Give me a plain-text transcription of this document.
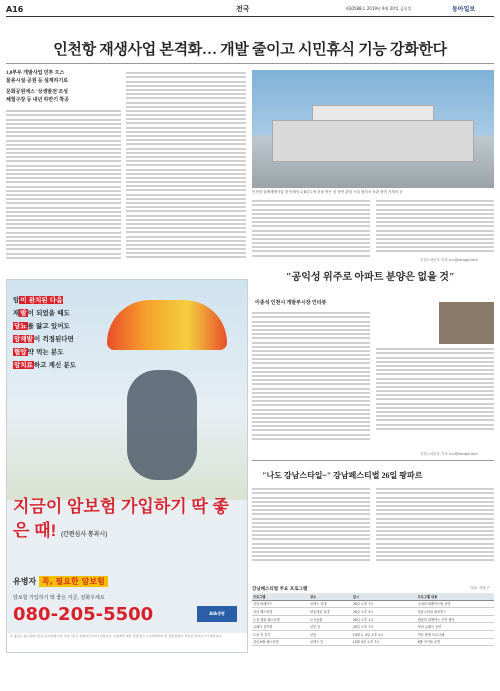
A16	전국	제30588호 2019년 9월 20일 금요일	동아일보
인천항 재생사업 본격화… 개발 줄이고 시민휴식 기능 강화한다
1,8부두 개발사업 민투 으스
물류시설·공원 등 설계하기로
문화공원에스 '상생발전'조성
체험구장 등 내년 하반기 착공
인천항 함께재생사업 첫 단계인 1·8부두에 문을 닫은 한 항만 관리 시설 쉼터서 보관 중인 지게차 등
인천=차준호 기자 run@donga.com
"공익성 위주로 아파트 분양은 없을 것"
이종석 인천시 개발부시장 인터뷰
인천=차준호 기자 run@donga.com
"나도 강남스타일~" 강남페스티벌 26일 팡파르
강남페스티벌 주요 프로그램	자료: 강남구
프로그램	장소	일시	프로그램 내용
강남 퍼레이드	코엑스 일대	26일 오후 7시	국내외 퍼레이드팀 공연
강남 페스티벌	영동대로 일대	26일 오후 3시	강남스타일 퍼포먼스
도심 캠핑 페스티벌	도곡공원	28일 오후 1시	캠핑과 함께하는 가족 행사
클래식 음악회	선릉 앞	29일 오후 7시	야외 클래식 공연
도심 속 걷기	선릉	10월 1, 4일 오후 1시	역사 탐방 프로그램
강남 K팝 페스티벌	코엑스 앞	10월 4일 오후 7시	K팝 아이돌 공연
암이 완치된 다음
재발이 되었을 때도
당뇨를 앓고 있어도
암재발이 걱정된다면
혈압약 먹는 분도
암치료하고 계신 분도
지금이 암보험 가입하기 딱 좋은 때! (간편심사 통과시)
유병자 꼭, 필요한 암보험
암보험 가입하기 딱 좋은 지금, 전화주세요
080-205-5500	AIA생명
본 광고는 광고심의기준을 준수하였으며, 유효기간은 심의일로부터 1년입니다. 보험계약 체결 전에 반드시 보험계약자 및 상품설명서, 약관을 읽어보시기 바랍니다.
